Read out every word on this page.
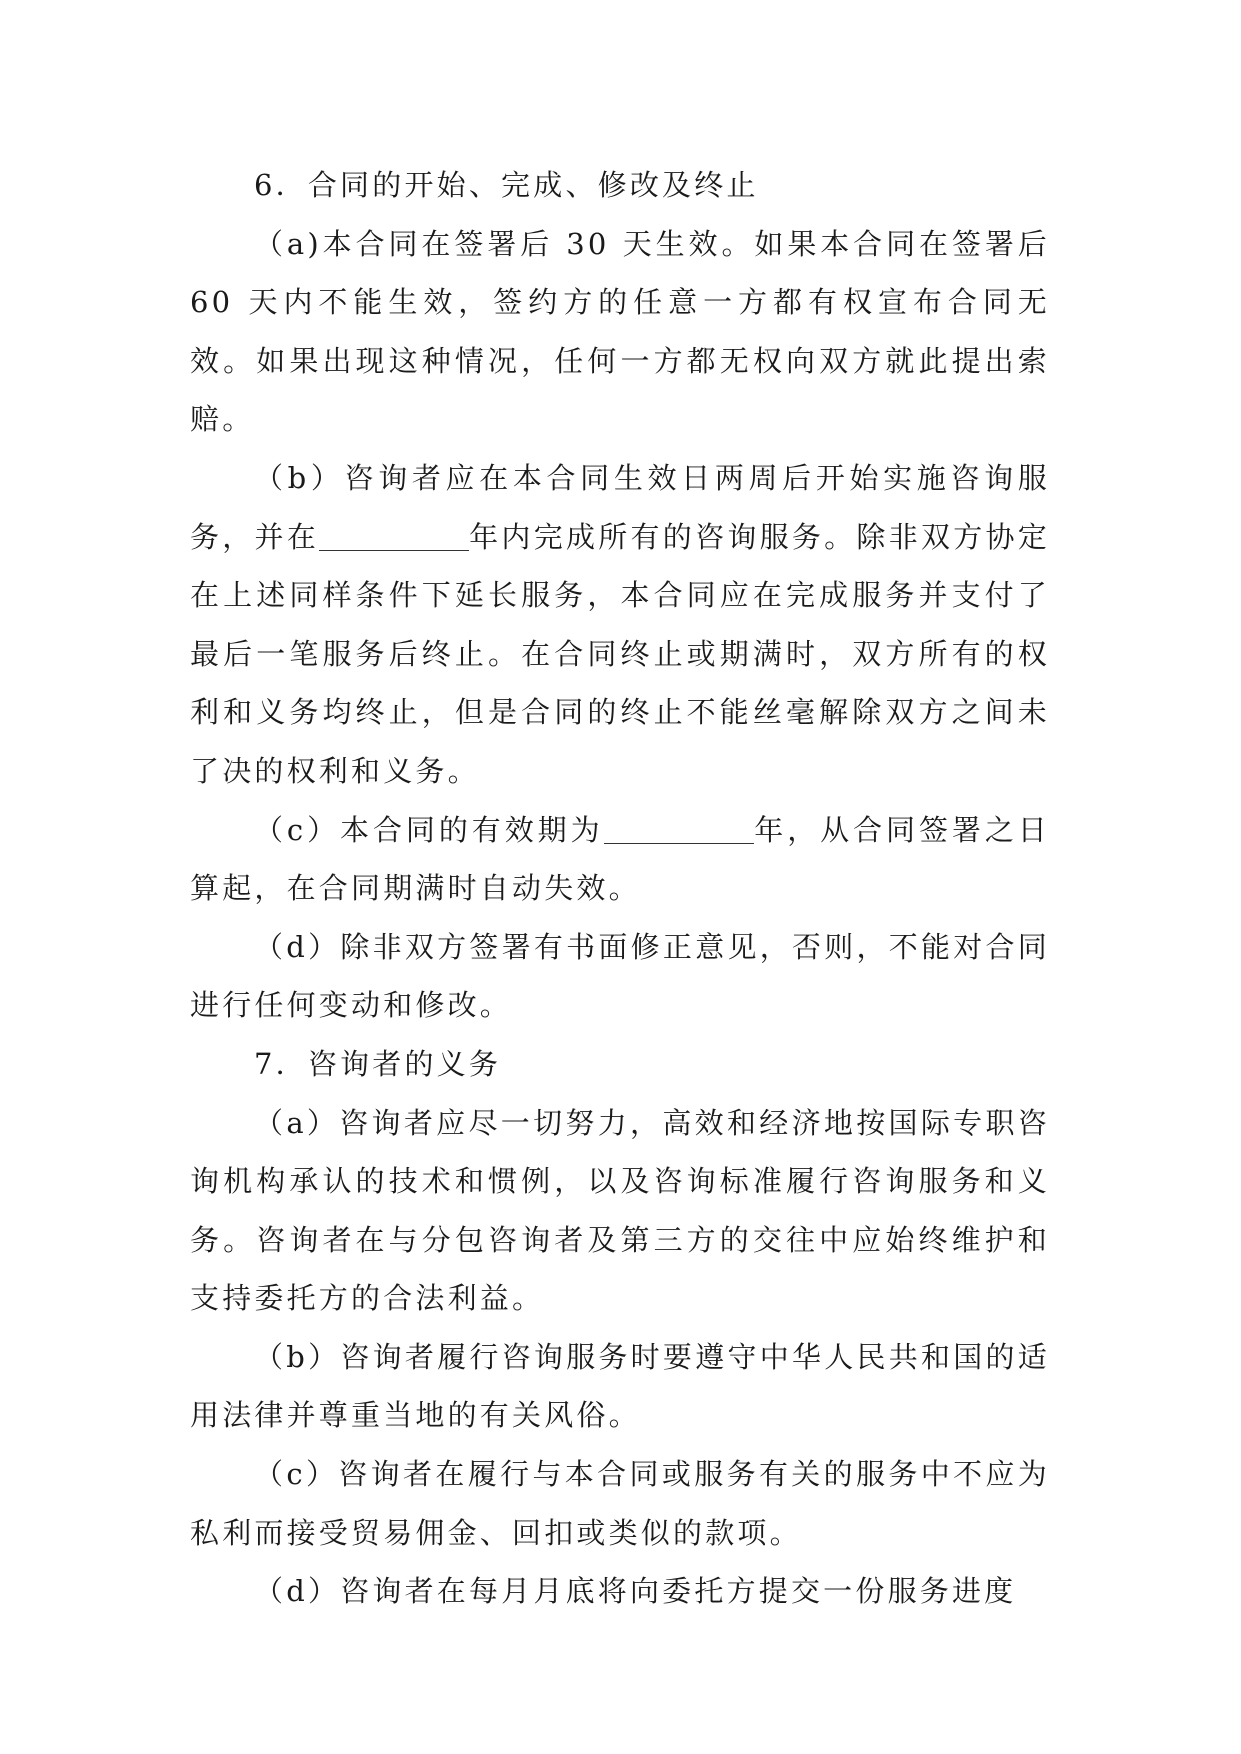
6．合同的开始、完成、修改及终止

（a)本合同在签署后 30 天生效。如果本合同在签署后 60 天内不能生效，签约方的任意一方都有权宣布合同无效。如果出现这种情况，任何一方都无权向双方就此提出索赔。

（b）咨询者应在本合同生效日两周后开始实施咨询服务，并在	年内完成所有的咨询服务。除非双方协定在上述同样条件下延长服务，本合同应在完成服务并支付了最后一笔服务后终止。在合同终止或期满时，双方所有的权利和义务均终止，但是合同的终止不能丝毫解除双方之间未了决的权利和义务。

（c）本合同的有效期为	年，从合同签署之日算起，在合同期满时自动失效。

（d）除非双方签署有书面修正意见，否则，不能对合同进行任何变动和修改。

7．咨询者的义务

（a）咨询者应尽一切努力，高效和经济地按国际专职咨询机构承认的技术和惯例，以及咨询标准履行咨询服务和义务。咨询者在与分包咨询者及第三方的交往中应始终维护和支持委托方的合法利益。

（b）咨询者履行咨询服务时要遵守中华人民共和国的适用法律并尊重当地的有关风俗。

（c）咨询者在履行与本合同或服务有关的服务中不应为私利而接受贸易佣金、回扣或类似的款项。

（d）咨询者在每月月底将向委托方提交一份服务进度
